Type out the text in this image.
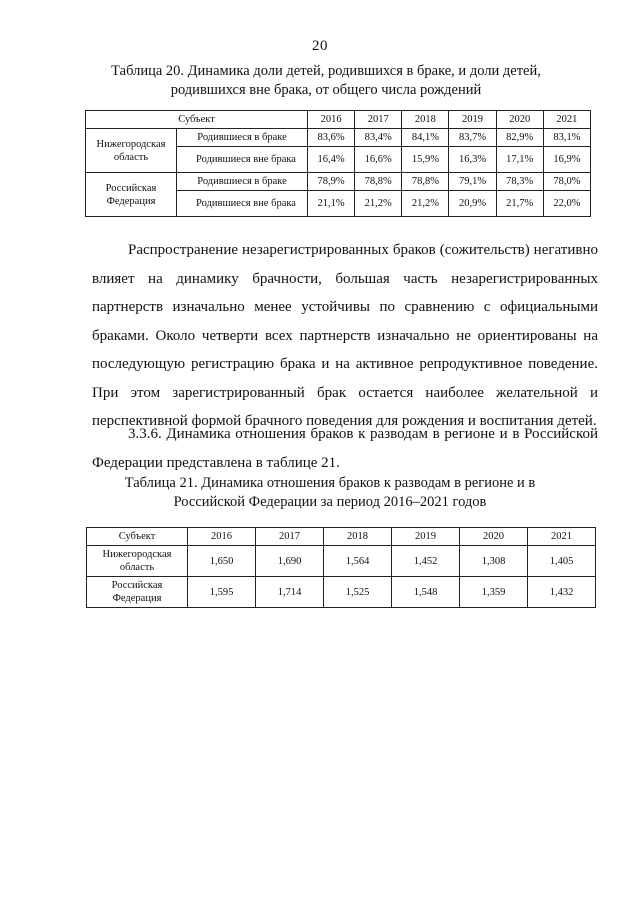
20
Таблица 20. Динамика доли детей, родившихся в браке, и доли детей, родившихся вне брака, от общего числа рождений
Субъект		2016	2017	2018	2019	2020	2021
Нижегородская область	Родившиеся в браке	83,6%	83,4%	84,1%	83,7%	82,9%	83,1%
	Родившиеся вне брака	16,4%	16,6%	15,9%	16,3%	17,1%	16,9%
Российская Федерация	Родившиеся в браке	78,9%	78,8%	78,8%	79,1%	78,3%	78,0%
	Родившиеся вне брака	21,1%	21,2%	21,2%	20,9%	21,7%	22,0%

Распространение незарегистрированных браков (сожительств) негативно влияет на динамику брачности, большая часть незарегистрированных партнерств изначально менее устойчивы по сравнению с официальными браками. Около четверти всех партнерств изначально не ориентированы на последующую регистрацию брака и на активное репродуктивное поведение. При этом зарегистрированный брак остается наиболее желательной и перспективной формой брачного поведения для рождения и воспитания детей.

3.3.6. Динамика отношения браков к разводам в регионе и в Российской Федерации представлена в таблице 21.

Таблица 21. Динамика отношения браков к разводам в регионе и в Российской Федерации за период 2016–2021 годов
Субъект	2016	2017	2018	2019	2020	2021
Нижегородская область	1,650	1,690	1,564	1,452	1,308	1,405
Российская Федерация	1,595	1,714	1,525	1,548	1,359	1,432
